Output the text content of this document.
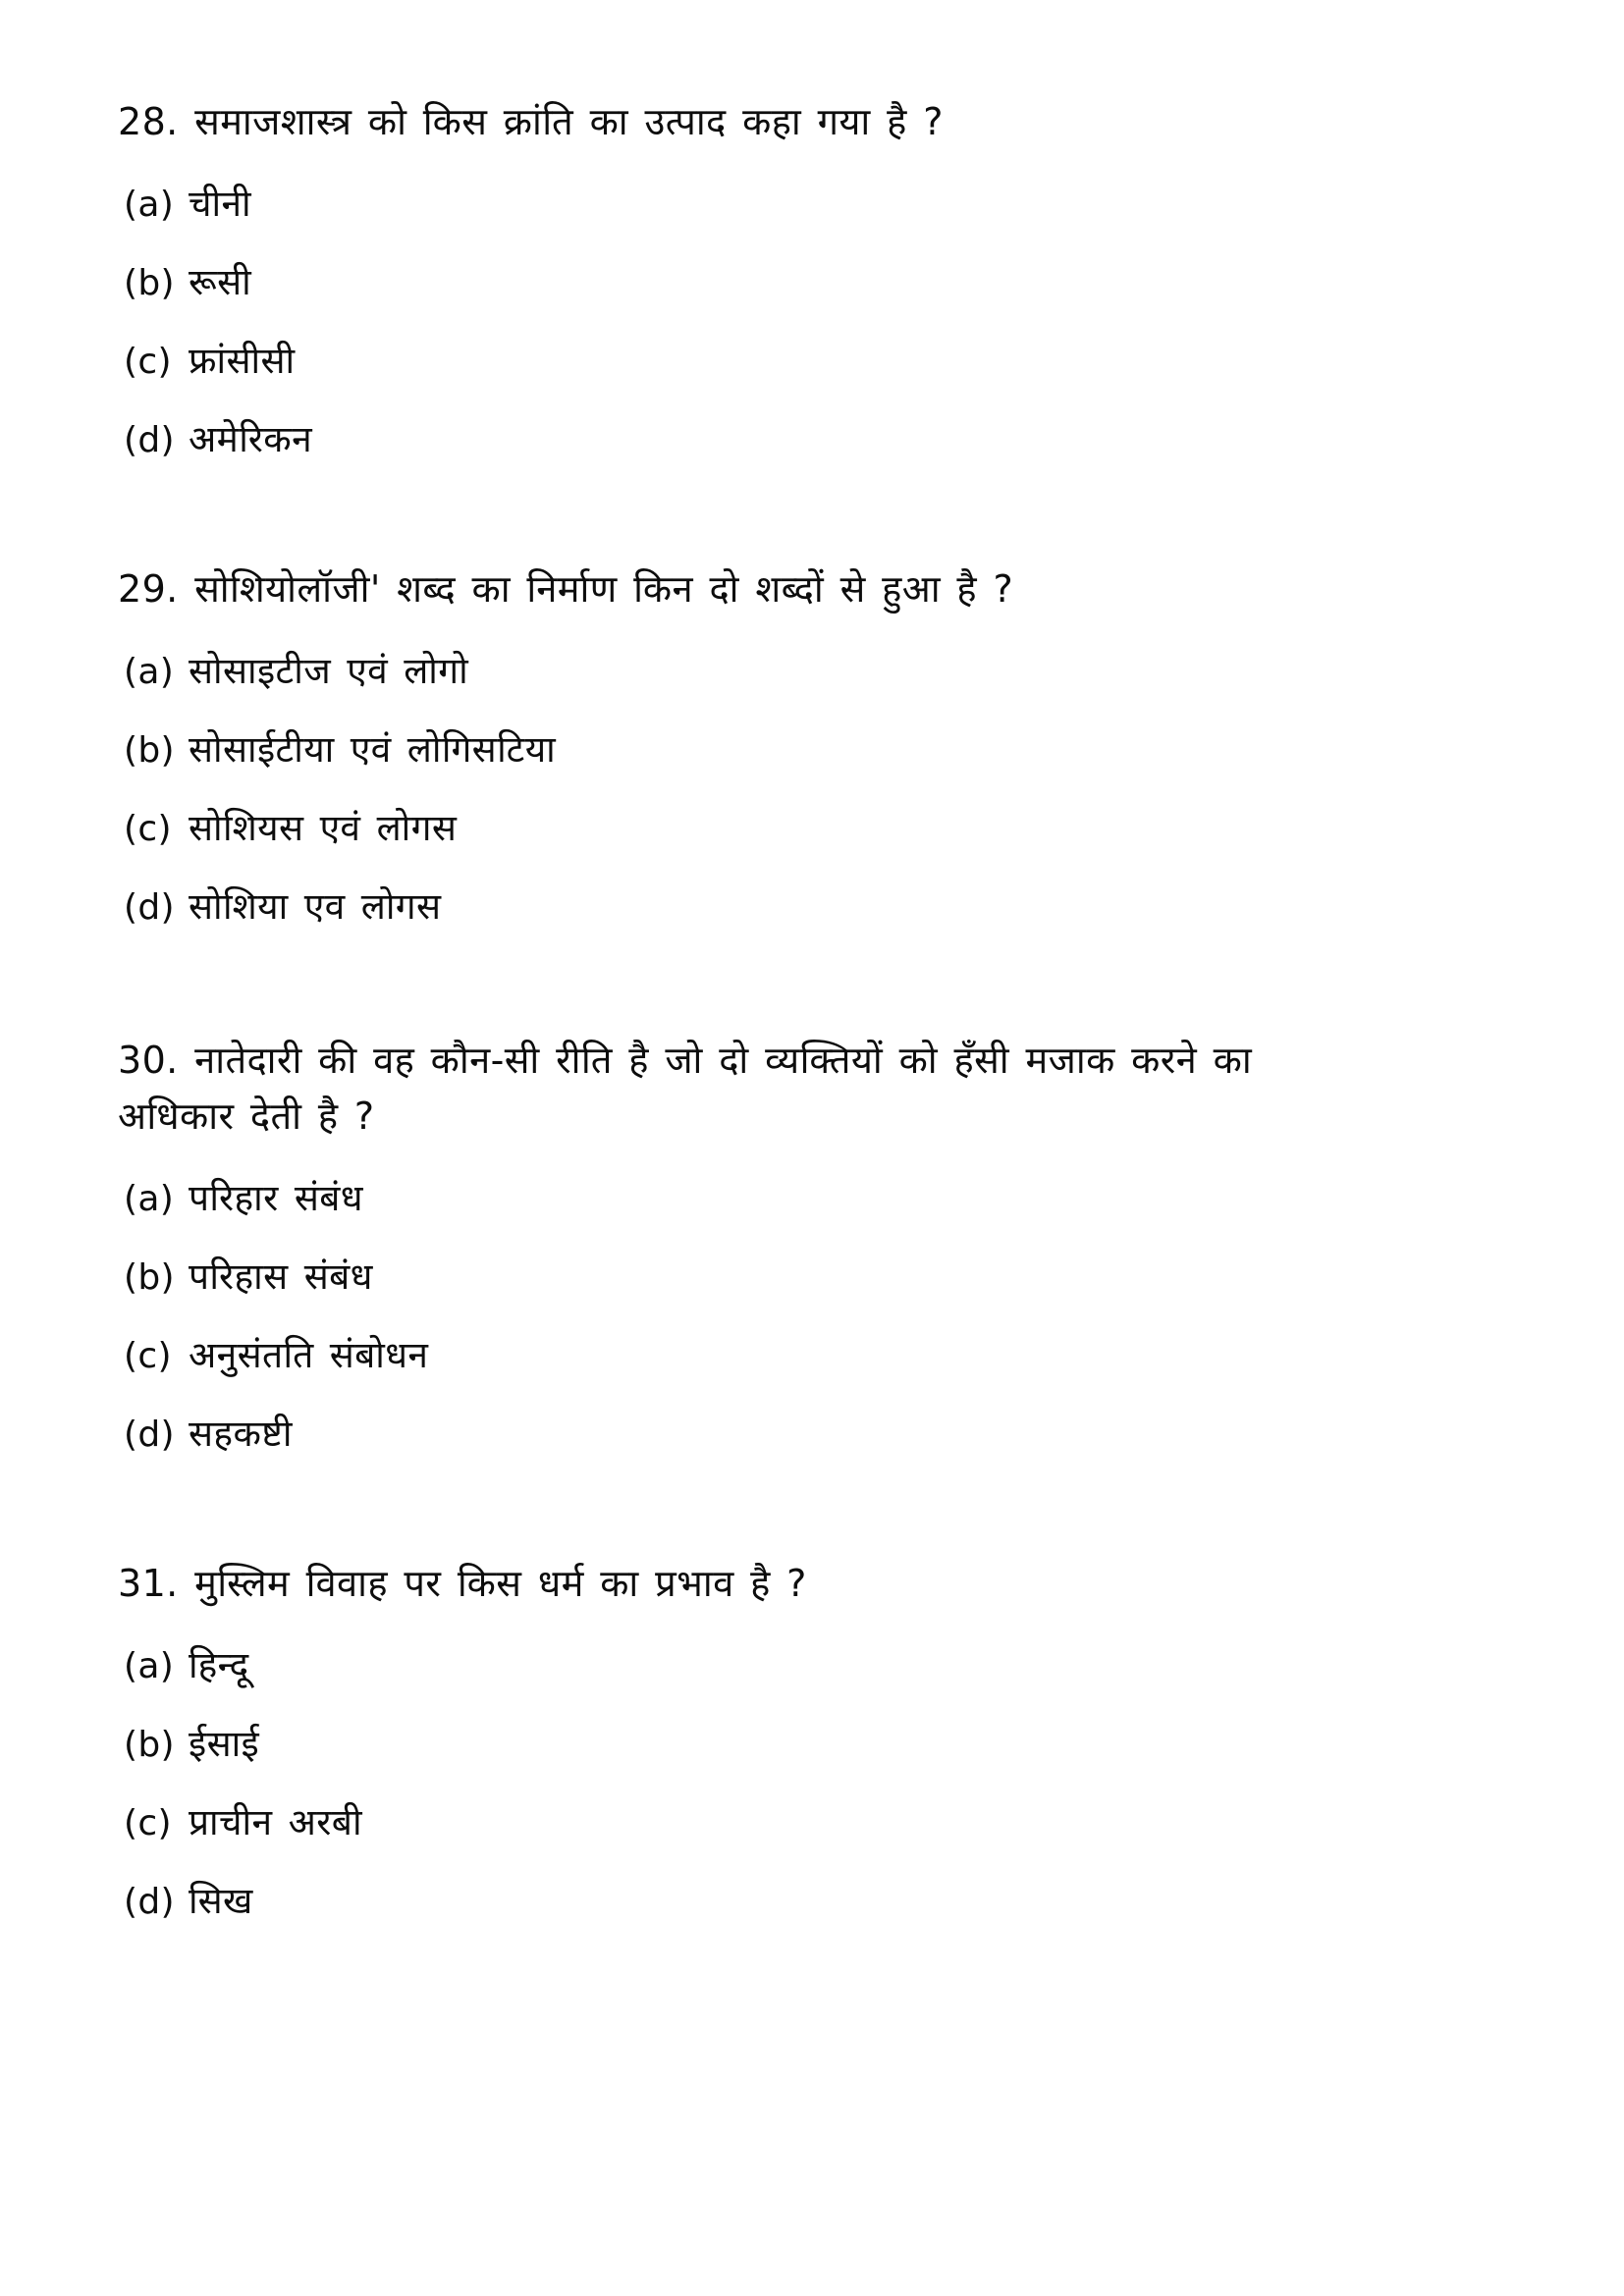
28. समाजशास्त्र को किस क्रांति का उत्पाद कहा गया है ?

(a) चीनी
(b) रूसी
(c) फ्रांसीसी
(d) अमेरिकन

29. सोशियोलॉजी' शब्द का निर्माण किन दो शब्दों से हुआ है ?

(a) सोसाइटीज एवं लोगो
(b) सोसाईटीया एवं लोगिसटिया
(c) सोशियस एवं लोगस
(d) सोशिया एव लोगस

30. नातेदारी की वह कौन-सी रीति है जो दो व्यक्तियों को हँसी मजाक करने का अधिकार देती है ?

(a) परिहार संबंध
(b) परिहास संबंध
(c) अनुसंतति संबोधन
(d) सहकष्टी

31. मुस्लिम विवाह पर किस धर्म का प्रभाव है ?

(a) हिन्दू
(b) ईसाई
(c) प्राचीन अरबी
(d) सिख
